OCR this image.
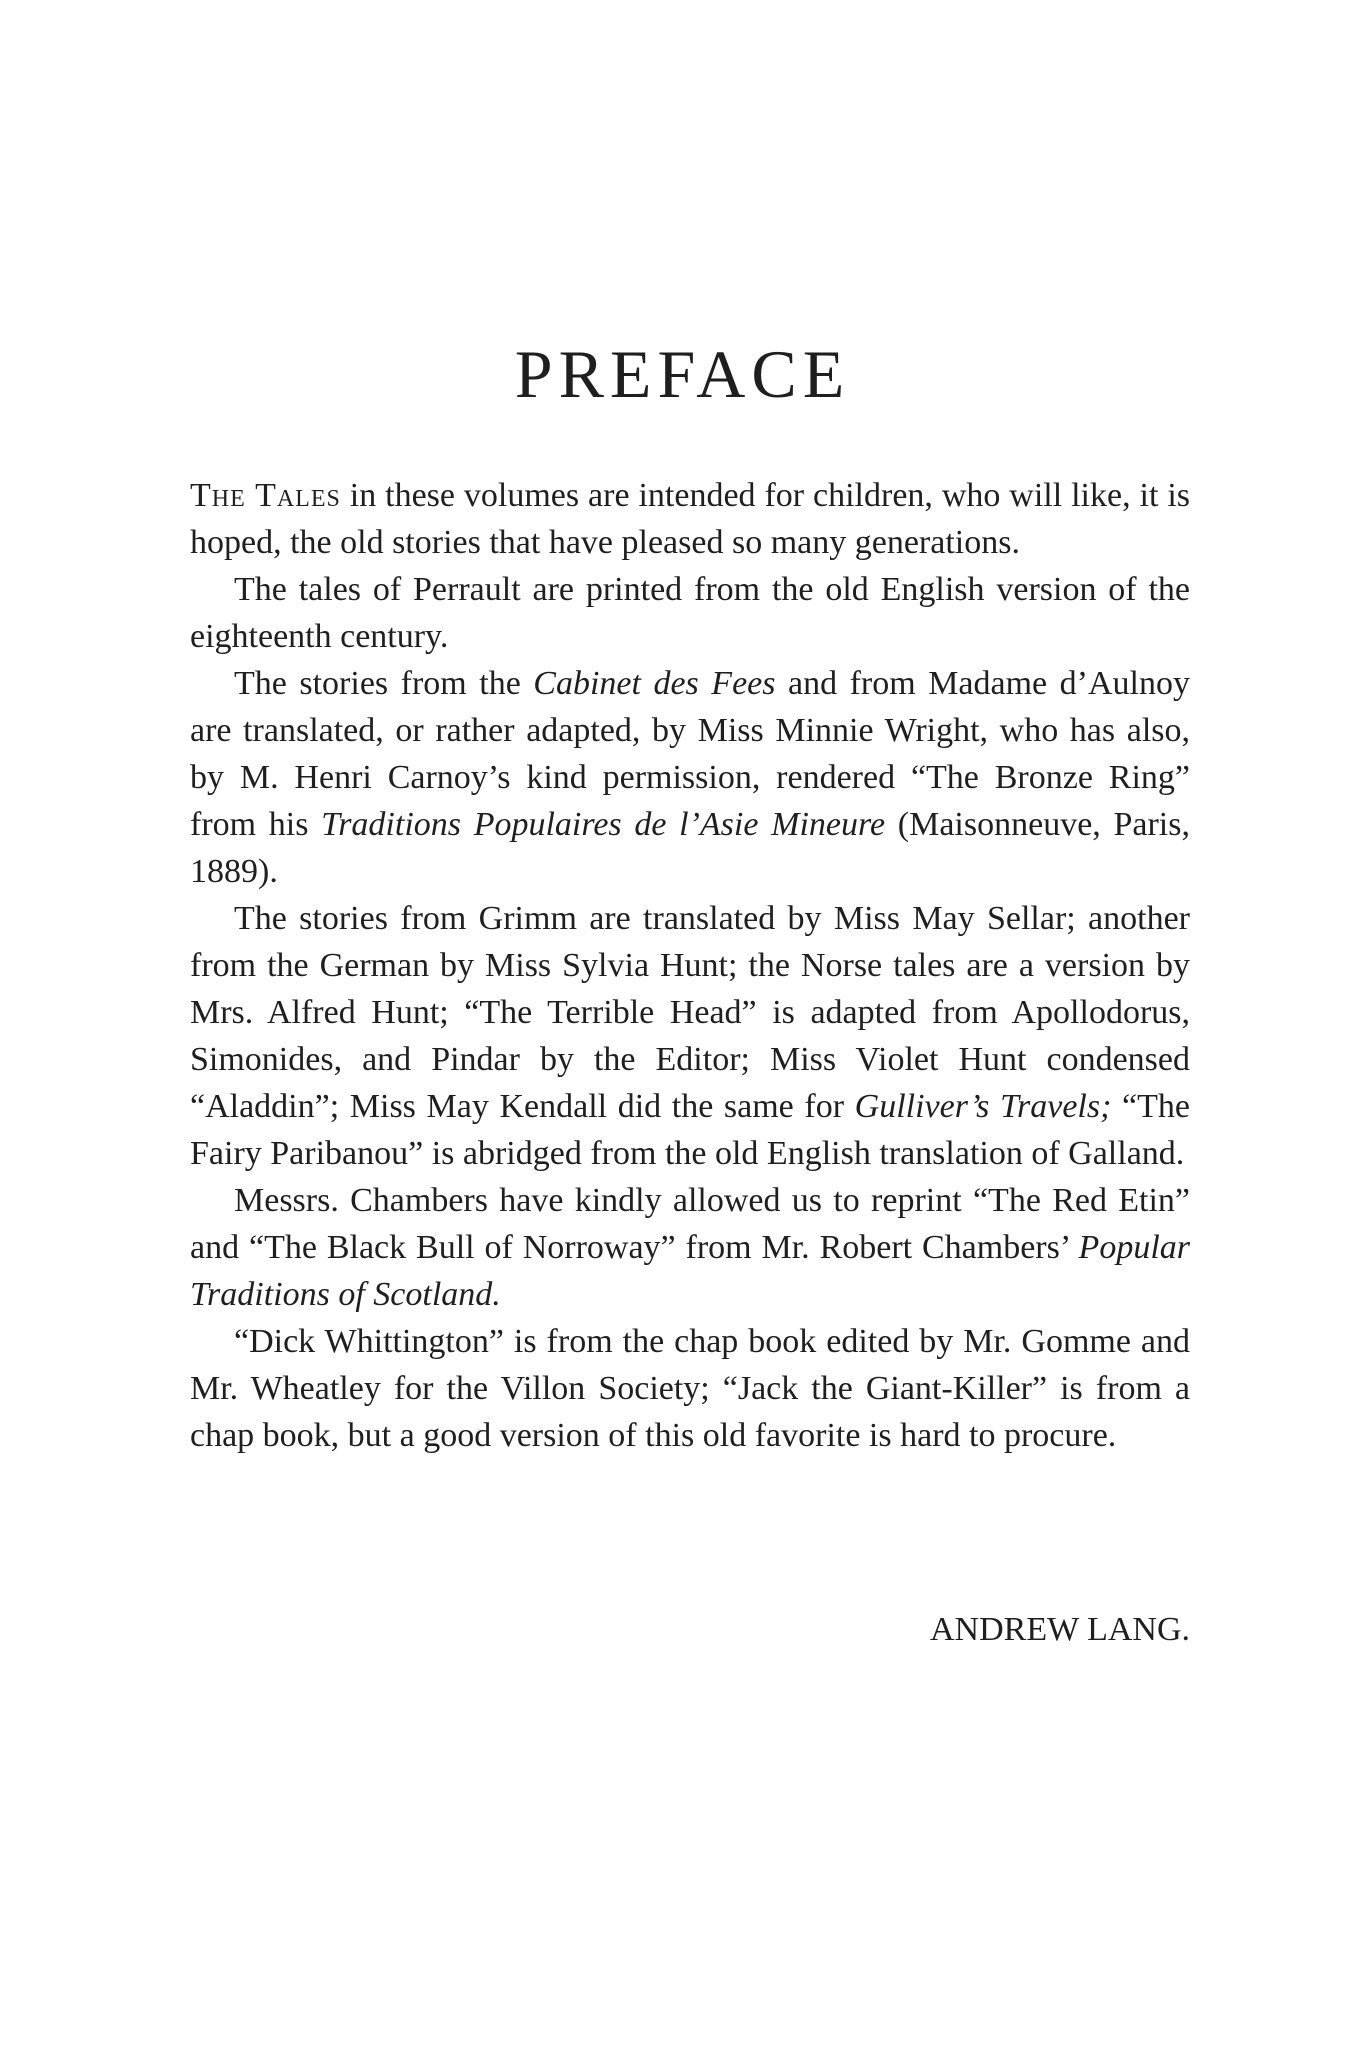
PREFACE

The Tales in these volumes are intended for children, who will like, it is hoped, the old stories that have pleased so many generations.

The tales of Perrault are printed from the old English version of the eighteenth century.

The stories from the Cabinet des Fees and from Madame d’Aulnoy are translated, or rather adapted, by Miss Minnie Wright, who has also, by M. Henri Carnoy’s kind permission, rendered “The Bronze Ring” from his Traditions Populaires de l’Asie Mineure (Maisonneuve, Paris, 1889).

The stories from Grimm are translated by Miss May Sellar; another from the German by Miss Sylvia Hunt; the Norse tales are a version by Mrs. Alfred Hunt; “The Terrible Head” is adapted from Apollodorus, Simonides, and Pindar by the Editor; Miss Violet Hunt condensed “Aladdin”; Miss May Kendall did the same for Gulliver’s Travels; “The Fairy Paribanou” is abridged from the old English translation of Galland.

Messrs. Chambers have kindly allowed us to reprint “The Red Etin” and “The Black Bull of Norroway” from Mr. Robert Chambers’ Popular Traditions of Scotland.

“Dick Whittington” is from the chap book edited by Mr. Gomme and Mr. Wheatley for the Villon Society; “Jack the Giant-Killer” is from a chap book, but a good version of this old favorite is hard to procure.

ANDREW LANG.
